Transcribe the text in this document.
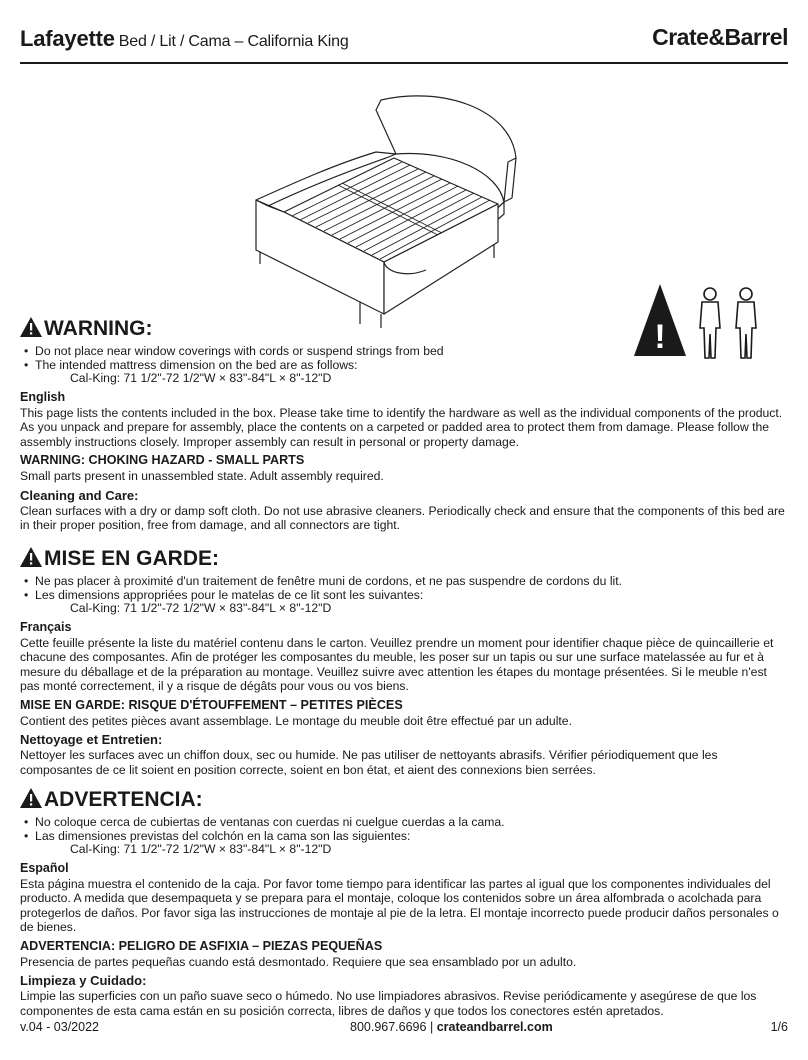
Lafayette Bed / Lit / Cama – California King	Crate&Barrel
!
WARNING:

•  Do not place near window coverings with cords or suspend strings from bed

•  The intended mattress dimension on the bed are as follows:

Cal-King: 71 1/2"-72 1/2"W × 83"-84"L × 8"-12"D

English

This page lists the contents included in the box. Please take time to identify the hardware as well as the individual components of the product. As you unpack and prepare for assembly, place the contents on a carpeted or padded area to protect them from damage. Please follow the assembly instructions closely. Improper assembly can result in personal or property damage.

WARNING: CHOKING HAZARD - SMALL PARTS

Small parts present in unassembled state. Adult assembly required.

Cleaning and Care:

Clean surfaces with a dry or damp soft cloth. Do not use abrasive cleaners. Periodically check and ensure that the components of this bed are in their proper position, free from damage, and all connectors are tight.

MISE EN GARDE:

•  Ne pas placer à proximité d'un traitement de fenêtre muni de cordons, et ne pas suspendre de cordons du lit.

•  Les dimensions appropriées pour le matelas de ce lit sont les suivantes:

Cal-King: 71 1/2"-72 1/2"W × 83"-84"L × 8"-12"D

Français

Cette feuille présente la liste du matériel contenu dans le carton. Veuillez prendre un moment pour identifier chaque pièce de quincaillerie et chacune des composantes. Afin de protéger les composantes du meuble, les poser sur un tapis ou sur une surface matelassée au fur et à mesure du déballage et de la préparation au montage. Veuillez suivre avec attention les étapes du montage présentées. Si le meuble n'est pas monté correctement, il y a risque de dégâts pour vous ou vos biens.

MISE EN GARDE: RISQUE D'ÉTOUFFEMENT – PETITES PIÈCES

Contient des petites pièces avant assemblage. Le montage du meuble doit être effectué par un adulte.

Nettoyage et Entretien:

Nettoyer les surfaces avec un chiffon doux, sec ou humide. Ne pas utiliser de nettoyants abrasifs. Vérifier périodiquement que les composantes de ce lit soient en position correcte, soient en bon état, et aient des connexions bien serrées.

ADVERTENCIA:

•  No coloque cerca de cubiertas de ventanas con cuerdas ni cuelgue cuerdas a la cama.

•  Las dimensiones previstas del colchón en la cama son las siguientes:

Cal-King: 71 1/2"-72 1/2"W × 83"-84"L × 8"-12"D

Español

Esta página muestra el contenido de la caja. Por favor tome tiempo para identificar las partes al igual que los componentes individuales del producto. A medida que desempaqueta y se prepara para el montaje, coloque los contenidos sobre un área alfombrada o acolchada para protegerlos de daños. Por favor siga las instrucciones de montaje al pie de la letra. El montaje incorrecto puede producir daños personales o de bienes.

ADVERTENCIA: PELIGRO DE ASFIXIA – PIEZAS PEQUEÑAS

Presencia de partes pequeñas cuando está desmontado. Requiere que sea ensamblado por un adulto.

Limpieza y Cuidado:

Limpie las superficies con un paño suave seco o húmedo. No use limpiadores abrasivos. Revise periódicamente y asegúrese de que los componentes de esta cama están en su posición correcta, libres de daños y que todos los conectores estén apretados.

v.04 - 03/2022	800.967.6696 | crateandbarrel.com	1/6
